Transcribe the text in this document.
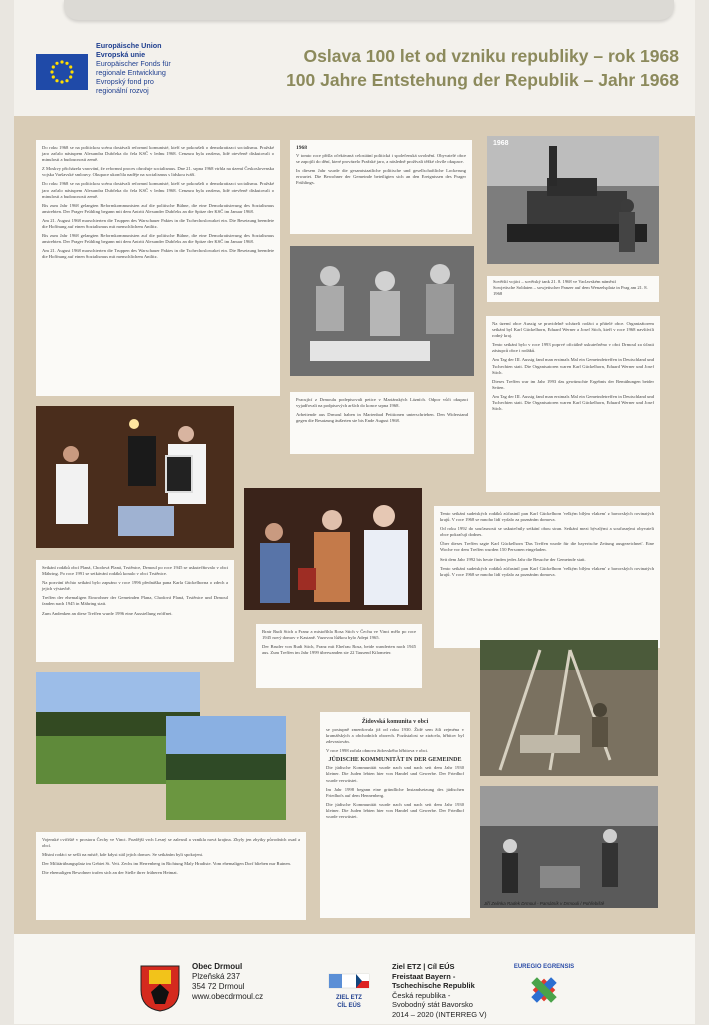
Europäische Union
Evropská unie
Europäischer Fonds für
regionale Entwicklung
Evropský fond pro
regionální rozvoj
Oslava 100 let od vzniku republiky – rok 1968
100 Jahre Entstehung der Republik – Jahr 1968

Do roku 1968 se na politickou scénu dostávali reformní komunisté, kteří se pokoušeli o demokratizaci socialismu. Pražské jaro začalo nástupem Alexandra Dubčeka do čela KSČ v lednu 1968. Cenzura byla zrušena, lidé otevřeně diskutovali o minulosti a budoucnosti země.

Z Moskvy přicházela varování, že reformní proces ohrožuje socialismus. Dne 21. srpna 1968 vtrhla na území Československa vojska Varšavské smlouvy. Okupace ukončila naděje na socialismus s lidskou tváří.

Do roku 1968 se na politickou scénu dostávali reformní komunisté, kteří se pokoušeli o demokratizaci socialismu. Pražské jaro začalo nástupem Alexandra Dubčeka do čela KSČ v lednu 1968. Cenzura byla zrušena, lidé otevřeně diskutovali o minulosti a budoucnosti země.

Bis zum Jahr 1968 gelangten Reformkommunisten auf die politische Bühne, die eine Demokratisierung des Sozialismus anstrebten. Der Prager Frühling begann mit dem Antritt Alexander Dubčeks an die Spitze der KSČ im Januar 1968.

Am 21. August 1968 marschierten die Truppen des Warschauer Paktes in die Tschechoslowakei ein. Die Besetzung beendete die Hoffnung auf einen Sozialismus mit menschlichem Antlitz.

Bis zum Jahr 1968 gelangten Reformkommunisten auf die politische Bühne, die eine Demokratisierung des Sozialismus anstrebten. Der Prager Frühling begann mit dem Antritt Alexander Dubčeks an die Spitze der KSČ im Januar 1968.

Am 21. August 1968 marschierten die Truppen des Warschauer Paktes in die Tschechoslowakei ein. Die Besetzung beendete die Hoffnung auf einen Sozialismus mit menschlichem Antlitz.

1968

V tomto roce přišla očekávaná celostátní politická i společenská uvolnění. Obyvatelé obce se zapojili do dění, které provázelo Pražské jaro, a následně prožívali těžké chvíle okupace.

In diesem Jahr wurde die gesamtstaatliche politische und gesellschaftliche Lockerung erwartet. Die Bewohner der Gemeinde beteiligten sich an den Ereignissen des Prager Frühlings.

1968

Sovětští vojáci – sovětský tank 21. 8. 1968 ve Vaclavském náměstí

Sowjetische Soldaten – sowjetischer Panzer auf dem Wenzelsplatz in Prag am 21. 8. 1968

Pracující z Drmoulu podepisovali petice v Mariánských Lázních. Odpor vůči okupaci vyjadřovali na podpisových arších do konce srpna 1968.

Arbeitende aus Drmoul haben in Marienbad Petitionen unterschrieben. Den Widerstand gegen die Besatzung äußerten sie bis Ende August 1968.

Na území obce Aussig se pravidelně scházeli rodáci a přátelé obce. Organizátorem setkání byl Karl Gückelhorn, Eduard Werner a Josef Stich, kteří v roce 1968 navštívili rodný kraj.

Tento setkání bylo v roce 1993 poprvé oficiálně uskutečněno v obci Drmoul za účasti zástupců obce i rodáků.

Am Tag der III. Aussig fand man erstmals Mal ein Gemeindetreffen in Deutschland und Tschechien statt. Die Organisatoren waren Karl Gückelhorn, Eduard Werner und Josef Stich.

Dieses Treffen war im Jahr 1993 das gewünschte Ergebnis der Bemühungen beider Seiten.

Am Tag der III. Aussig fand man erstmals Mal ein Gemeindetreffen in Deutschland und Tschechien statt. Die Organisatoren waren Karl Gückelhorn, Eduard Werner und Josef Stich.

Tento setkání sudetských rodáků zúčastnil pan Karl Gückelhorn 'velkým bílým vlakem' z bavorských rovinatých krajů. V roce 1968 se mnoho lidí vydalo za poznáním domova.

Od roku 1992 do současnosti se uskutečnily setkání obou stran. Setkání mezi bývalými a současnými obyvateli obce pokračují dodnes.

Über dieses Treffen sagte Karl Gückelhorn 'Das Treffen wurde für die bayerische Zeitung ausgezeichnet'. Eine Woche vor dem Treffen wurden 150 Personen eingeladen.

Seit dem Jahr 1992 bis heute finden jedes Jahr die Besuche der Gemeinde statt.

Tento setkání sudetských rodáků zúčastnil pan Karl Gückelhorn 'velkým bílým vlakem' z bavorských rovinatých krajů. V roce 1968 se mnoho lidí vydalo za poznáním domova.

Setkání rodáků obcí Planá, Chodová Planá, Trstěnice, Drmoul po roce 1945 se uskutečňovalo v obci Mähring. Po roce 1991 se setkávání rodáků konalo v obci Trstěnice.

Na pozvání těchto setkání bylo zapsáno v roce 1996 přednáška pana Karla Gückelhorna o zdech a jejich výstavbě.

Treffen der ehemaligen Einwohner der Gemeinden Plana, Chodová Planá, Trstěnice und Drmoul fanden nach 1945 in Mähring statt.

Zum Andenken an diese Treffen wurde 1996 eine Ausstellung eröffnet.

Bratr Rudi Stich a Franz a mistoříhla Rosa Stich v Čechu ve Vinci mělo po roce 1945 nový domov v Kastaně. Vazovou lůžkou bylo Adept 1965.

Der Bruder von Rudi Stich, Franz mit Ehefrau Rosa, beide wanderten nach 1945 aus. Zum Treffen im Jahr 1999 überwanden sie 22 Tausend Kilometer.

Židovská komunita v obci

se postupně zmenšovala již od roku 1930. Židé sem žili zejména v kramářských a obchodních oborech. Pozůstalost se ztrácela, hřbitov byl zdevastován.

V roce 1998 začala obnova židovského hřbitova v obci.

JÜDISCHE KOMMUNITÄT IN DER GEMEINDE

Die jüdische Kommunität wurde nach und nach seit dem Jahr 1930 kleiner. Die Juden lebten hier von Handel und Gewerbe. Der Friedhof wurde verwüstet.

Im Jahr 1998 begann eine gründliche Instandsetzung des jüdischen Friedhofs auf dem Hennenberg.

Die jüdische Kommunität wurde nach und nach seit dem Jahr 1930 kleiner. Die Juden lebten hier von Handel und Gewerbe. Der Friedhof wurde verwüstet.

Jiří Zelinka Radek Drmoul - Památník v Drmouli / Pohřebiště

Vojenské cvičiště v prostoru Čechy ve Vinci. Pozdější vrch Lesný se zalesnil a vznikla nová krajina. Zbyly jen zbytky původních osad a obcí.

Místní rodáci se sešli na místě, kde kdysi stál jejich domov. Se setkáním byli spokojeni.

Der Militärübungsplatz im Gebiet St. Veit. Zechs im Herrenberg in Richtung Maly Hradiste. Vom ehemaligen Dorf blieben nur Ruinen.

Die ehemaligen Bewohner trafen sich an der Stelle ihrer früheren Heimat.

Obec Drmoul
Plzeňská 237
354 72 Drmoul
www.obecdrmoul.cz	ZIEL ETZ
CÍL EÚS
Ziel ETZ | Cíl EÚS
Freistaat Bayern -
Tschechische Republik
Česká republika -
Svobodný stát Bavorsko
2014 – 2020 (INTERREG V)
EUREGIO EGRENSIS
